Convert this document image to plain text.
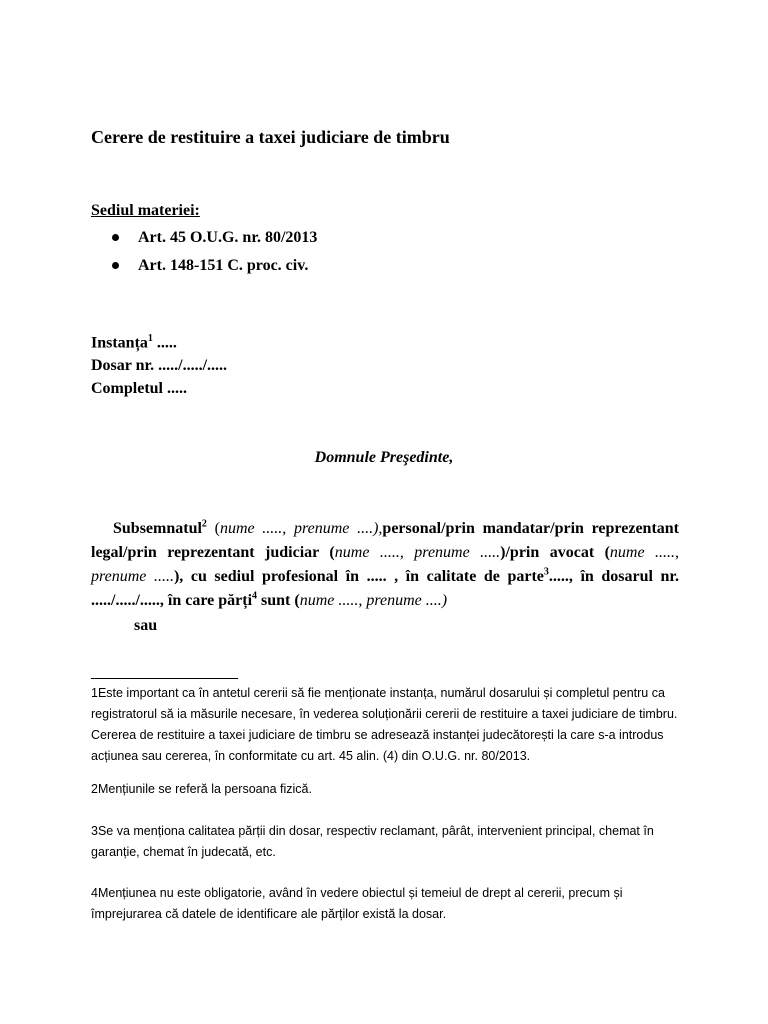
Cerere de restituire a taxei judiciare de timbru
Sediul materiei:
Art. 45 O.U.G. nr. 80/2013
Art. 148-151 C. proc. civ.
Instanța$^1$ .....
Dosar nr. ...../...../.....
Completul .....
Domnule Preşedinte,
Subsemnatul$^2$ (nume ....., prenume ....),personal/prin mandatar/prin reprezentant legal/prin reprezentant judiciar (nume ....., prenume .....)/prin avocat (nume ....., prenume .....), cu sediul profesional în ..... , în calitate de parte$^3$....., în dosarul nr. ...../...../....., în care părți$^4$ sunt (nume ....., prenume ....)
sau
1Este important ca în antetul cererii să fie menționate instanța, numărul dosarului și completul pentru ca registratorul să ia măsurile necesare, în vederea soluționării cererii de restituire a taxei judiciare de timbru. Cererea de restituire a taxei judiciare de timbru se adresează instanței judecătorești la care s-a introdus acțiunea sau cererea, în conformitate cu art. 45 alin. (4) din O.U.G. nr. 80/2013.
2Mențiunile se referă la persoana fizică.
3Se va menționa calitatea părții din dosar, respectiv reclamant, pârât, intervenient principal, chemat în garanție, chemat în judecată, etc.
4Mențiunea nu este obligatorie, având în vedere obiectul și temeiul de drept al cererii, precum și împrejurarea că datele de identificare ale părților există la dosar.
